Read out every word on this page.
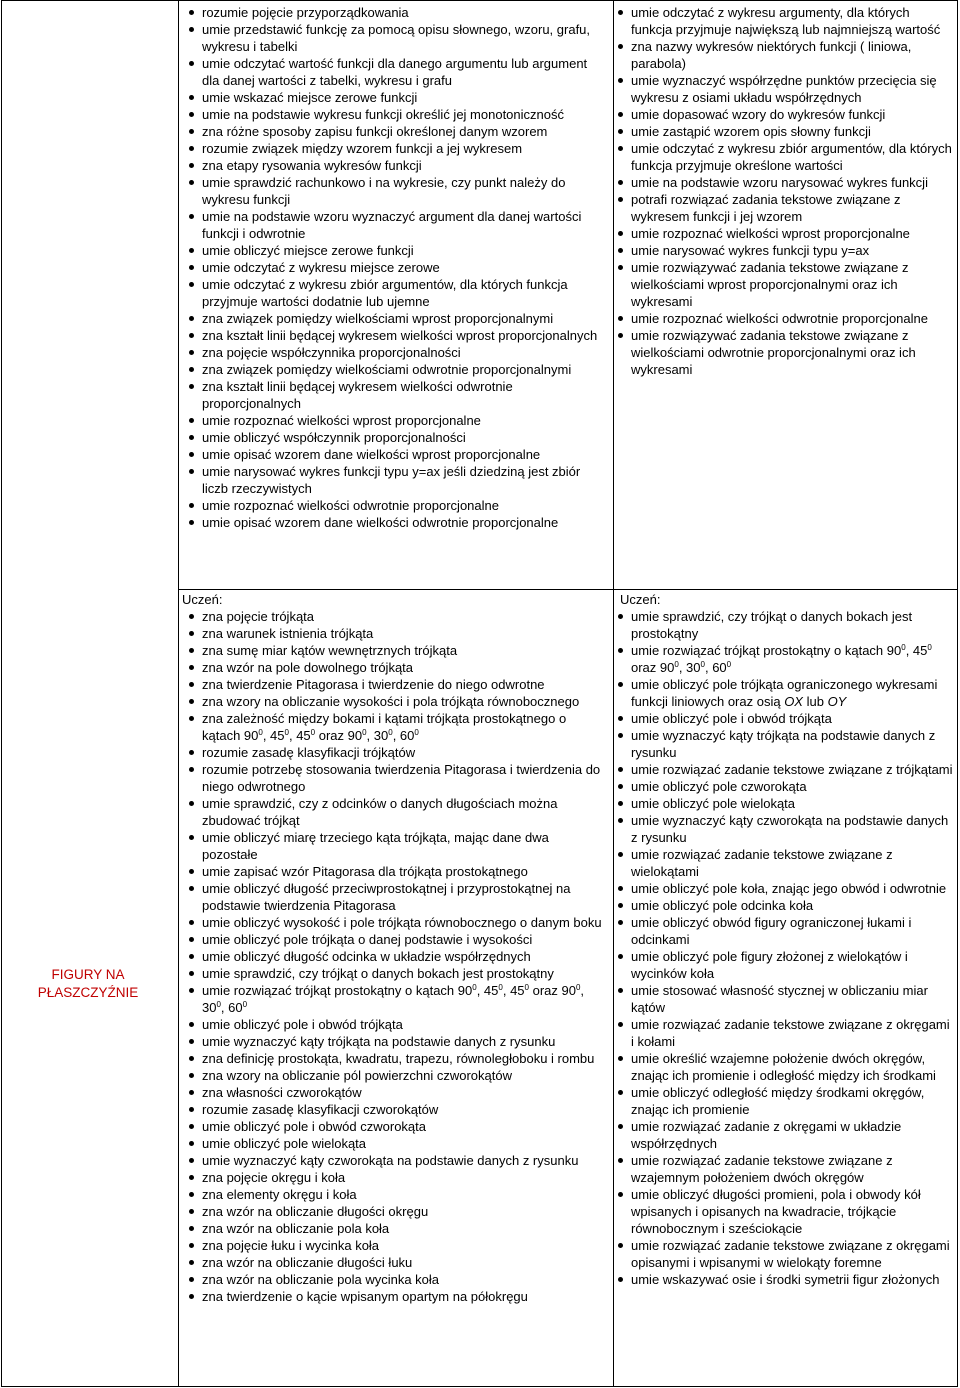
FIGURY NA PŁASZCZYŹNIE
rozumie pojęcie przyporządkowania
umie przedstawić funkcję za pomocą opisu słownego, wzoru, grafu, wykresu i tabelki
umie odczytać wartość funkcji dla danego argumentu lub argument dla danej wartości z tabelki, wykresu i grafu
umie wskazać miejsce zerowe funkcji
umie na podstawie wykresu funkcji określić jej monotoniczność
zna różne sposoby zapisu funkcji określonej danym wzorem
rozumie związek między wzorem funkcji a jej wykresem
zna etapy rysowania wykresów funkcji
umie sprawdzić rachunkowo i na wykresie, czy punkt należy do wykresu funkcji
umie na podstawie wzoru wyznaczyć argument dla danej wartości funkcji i odwrotnie
umie obliczyć miejsce zerowe funkcji
umie odczytać z wykresu miejsce zerowe
umie odczytać z wykresu zbiór argumentów, dla których funkcja przyjmuje wartości dodatnie lub ujemne
zna związek pomiędzy wielkościami wprost proporcjonalnymi
zna kształt linii będącej wykresem wielkości wprost proporcjonalnych
zna pojęcie współczynnika proporcjonalności
zna związek pomiędzy wielkościami odwrotnie proporcjonalnymi
zna kształt linii będącej wykresem wielkości odwrotnie proporcjonalnych
umie rozpoznać wielkości wprost proporcjonalne
umie obliczyć współczynnik proporcjonalności
umie opisać wzorem dane wielkości wprost proporcjonalne
umie narysować wykres funkcji typu y=ax jeśli dziedziną jest zbiór liczb rzeczywistych
umie rozpoznać wielkości odwrotnie proporcjonalne
umie opisać wzorem dane wielkości odwrotnie proporcjonalne
umie odczytać z wykresu argumenty, dla których funkcja przyjmuje największą lub najmniejszą wartość
zna nazwy wykresów niektórych funkcji ( liniowa, parabola)
umie wyznaczyć współrzędne punktów przecięcia się wykresu z osiami układu współrzędnych
umie dopasować wzory do wykresów funkcji
umie zastąpić wzorem opis słowny funkcji
umie odczytać z wykresu zbiór argumentów, dla których funkcja przyjmuje określone wartości
umie na podstawie wzoru narysować wykres funkcji
potrafi rozwiązać zadania tekstowe związane z wykresem funkcji i jej wzorem
umie rozpoznać wielkości wprost proporcjonalne
umie narysować wykres funkcji typu y=ax
umie rozwiązywać zadania tekstowe związane z wielkościami wprost proporcjonalnymi oraz ich wykresami
umie rozpoznać wielkości odwrotnie proporcjonalne
umie rozwiązywać zadania tekstowe związane z wielkościami odwrotnie proporcjonalnymi oraz ich wykresami
Uczeń:
zna pojęcie trójkąta
zna warunek istnienia trójkąta
zna sumę miar kątów wewnętrznych trójkąta
zna wzór na pole dowolnego trójkąta
zna twierdzenie Pitagorasa i twierdzenie do niego odwrotne
zna wzory na obliczanie wysokości i pola trójkąta równobocznego
zna zależność między bokami i kątami trójkąta prostokątnego o kątach $90^0$, $45^0$, $45^0$ oraz $90^0$, $30^0$, $60^0$
rozumie zasadę klasyfikacji trójkątów
rozumie potrzebę stosowania twierdzenia Pitagorasa i twierdzenia do niego odwrotnego
umie sprawdzić, czy z odcinków o danych długościach można zbudować trójkąt
umie obliczyć miarę trzeciego kąta trójkąta, mając dane dwa pozostałe
umie zapisać wzór Pitagorasa dla trójkąta prostokątnego
umie obliczyć długość przeciwprostokątnej i przyprostokątnej na podstawie twierdzenia Pitagorasa
umie obliczyć wysokość i pole trójkąta równobocznego o danym boku
umie obliczyć pole trójkąta o danej podstawie i wysokości
umie obliczyć długość odcinka w układzie współrzędnych
umie sprawdzić, czy trójkąt o danych bokach jest prostokątny
umie rozwiązać trójkąt prostokątny o kątach $90^0$, $45^0$, $45^0$ oraz $90^0$, $30^0$, $60^0$
umie obliczyć pole i obwód trójkąta
umie wyznaczyć kąty trójkąta na podstawie danych z rysunku
zna definicję prostokąta, kwadratu, trapezu, równoległoboku i rombu
zna wzory na obliczanie pól powierzchni czworokątów
zna własności czworokątów
rozumie zasadę klasyfikacji czworokątów
umie obliczyć pole i obwód czworokąta
umie obliczyć pole wielokąta
umie wyznaczyć kąty czworokąta na podstawie danych z rysunku
zna pojęcie okręgu i koła
zna elementy okręgu i koła
zna wzór na obliczanie długości okręgu
zna wzór na obliczanie pola koła
zna pojęcie łuku i wycinka koła
zna wzór na obliczanie długości łuku
zna wzór na obliczanie pola wycinka koła
zna twierdzenie o kącie wpisanym opartym na półokręgu
Uczeń:
umie sprawdzić, czy trójkąt o danych bokach jest prostokątny
umie rozwiązać trójkąt prostokątny o kątach $90^0$, $45^0$ oraz $90^0$, $30^0$, $60^0$
umie obliczyć pole trójkąta ograniczonego wykresami funkcji liniowych oraz osią OX lub OY
umie obliczyć pole i obwód trójkąta
umie wyznaczyć kąty trójkąta na podstawie danych z rysunku
umie rozwiązać zadanie tekstowe związane z trójkątami
umie obliczyć pole czworokąta
umie obliczyć pole wielokąta
umie wyznaczyć kąty czworokąta na podstawie danych z rysunku
umie rozwiązać zadanie tekstowe związane z wielokątami
umie obliczyć pole koła, znając jego obwód i odwrotnie
umie obliczyć pole odcinka koła
umie obliczyć obwód figury ograniczonej łukami i odcinkami
umie obliczyć pole figury złożonej z wielokątów i wycinków koła
umie stosować własność stycznej w obliczaniu miar kątów
umie rozwiązać zadanie tekstowe związane z okręgami i kołami
umie określić wzajemne położenie dwóch okręgów, znając ich promienie i odległość między ich środkami
umie obliczyć odległość między środkami okręgów, znając ich promienie
umie rozwiązać zadanie z okręgami w układzie współrzędnych
umie rozwiązać zadanie tekstowe związane z wzajemnym położeniem dwóch okręgów
umie obliczyć długości promieni, pola i obwody kół wpisanych i opisanych na kwadracie, trójkącie równobocznym i sześciokącie
umie rozwiązać zadanie tekstowe związane z okręgami opisanymi i wpisanymi w wielokąty foremne
umie wskazywać osie i środki symetrii figur złożonych
